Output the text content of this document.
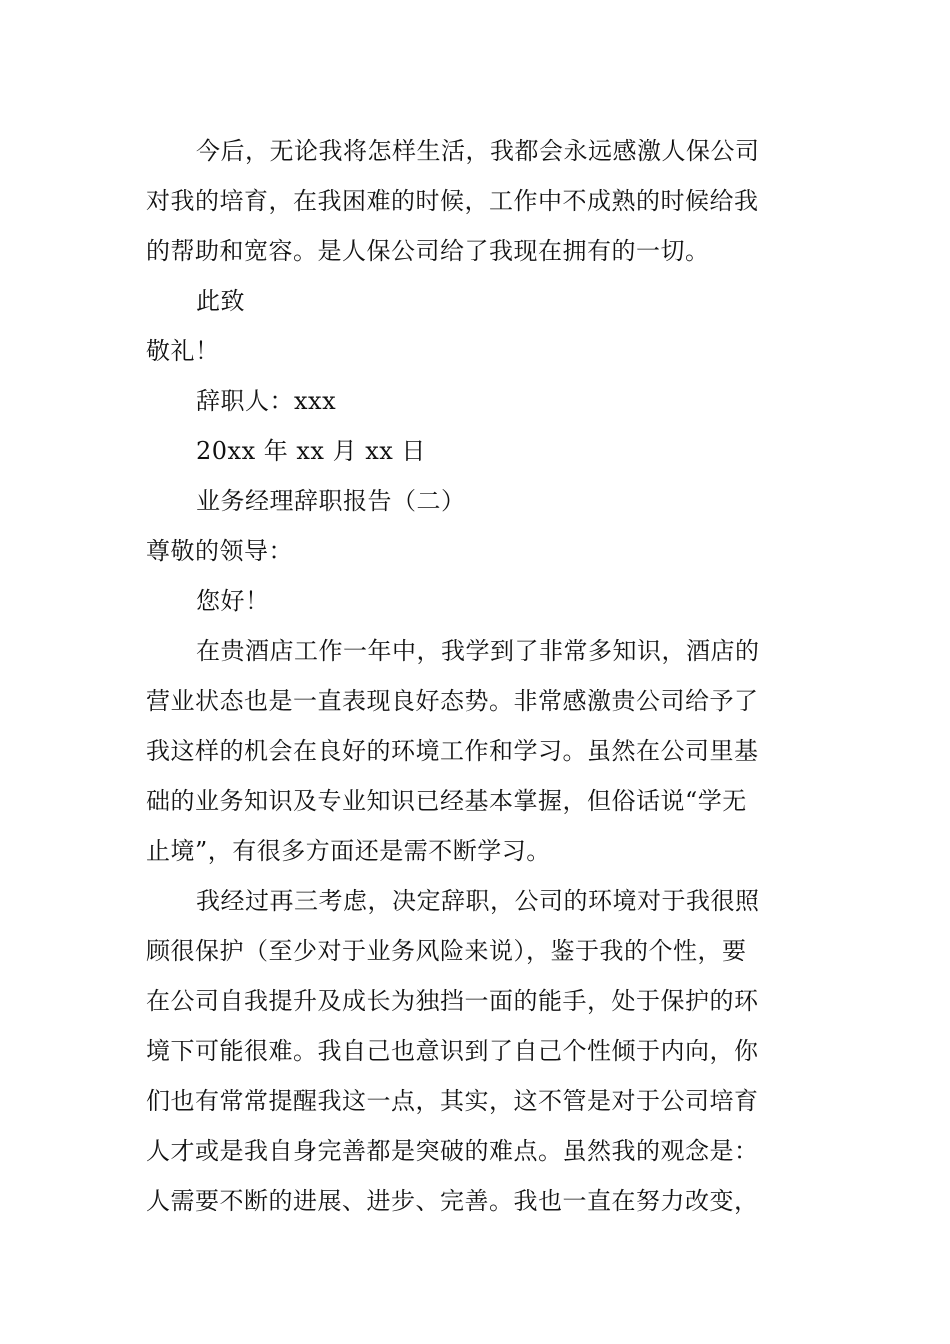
今后，无论我将怎样生活，我都会永远感激人保公司
对我的培育，在我困难的时候，工作中不成熟的时候给我
的帮助和宽容。是人保公司给了我现在拥有的一切。
此致
敬礼！
辞职人：xxx
20xx 年 xx 月 xx 日
业务经理辞职报告（二）
尊敬的领导：
您好！
在贵酒店工作一年中，我学到了非常多知识，酒店的
营业状态也是一直表现良好态势。非常感激贵公司给予了
我这样的机会在良好的环境工作和学习。虽然在公司里基
础的业务知识及专业知识已经基本掌握，但俗话说“学无
止境”，有很多方面还是需不断学习。
我经过再三考虑，决定辞职，公司的环境对于我很照
顾很保护（至少对于业务风险来说），鉴于我的个性，要
在公司自我提升及成长为独挡一面的能手，处于保护的环
境下可能很难。我自己也意识到了自己个性倾于内向，你
们也有常常提醒我这一点，其实，这不管是对于公司培育
人才或是我自身完善都是突破的难点。虽然我的观念是：
人需要不断的进展、进步、完善。我也一直在努力改变，
